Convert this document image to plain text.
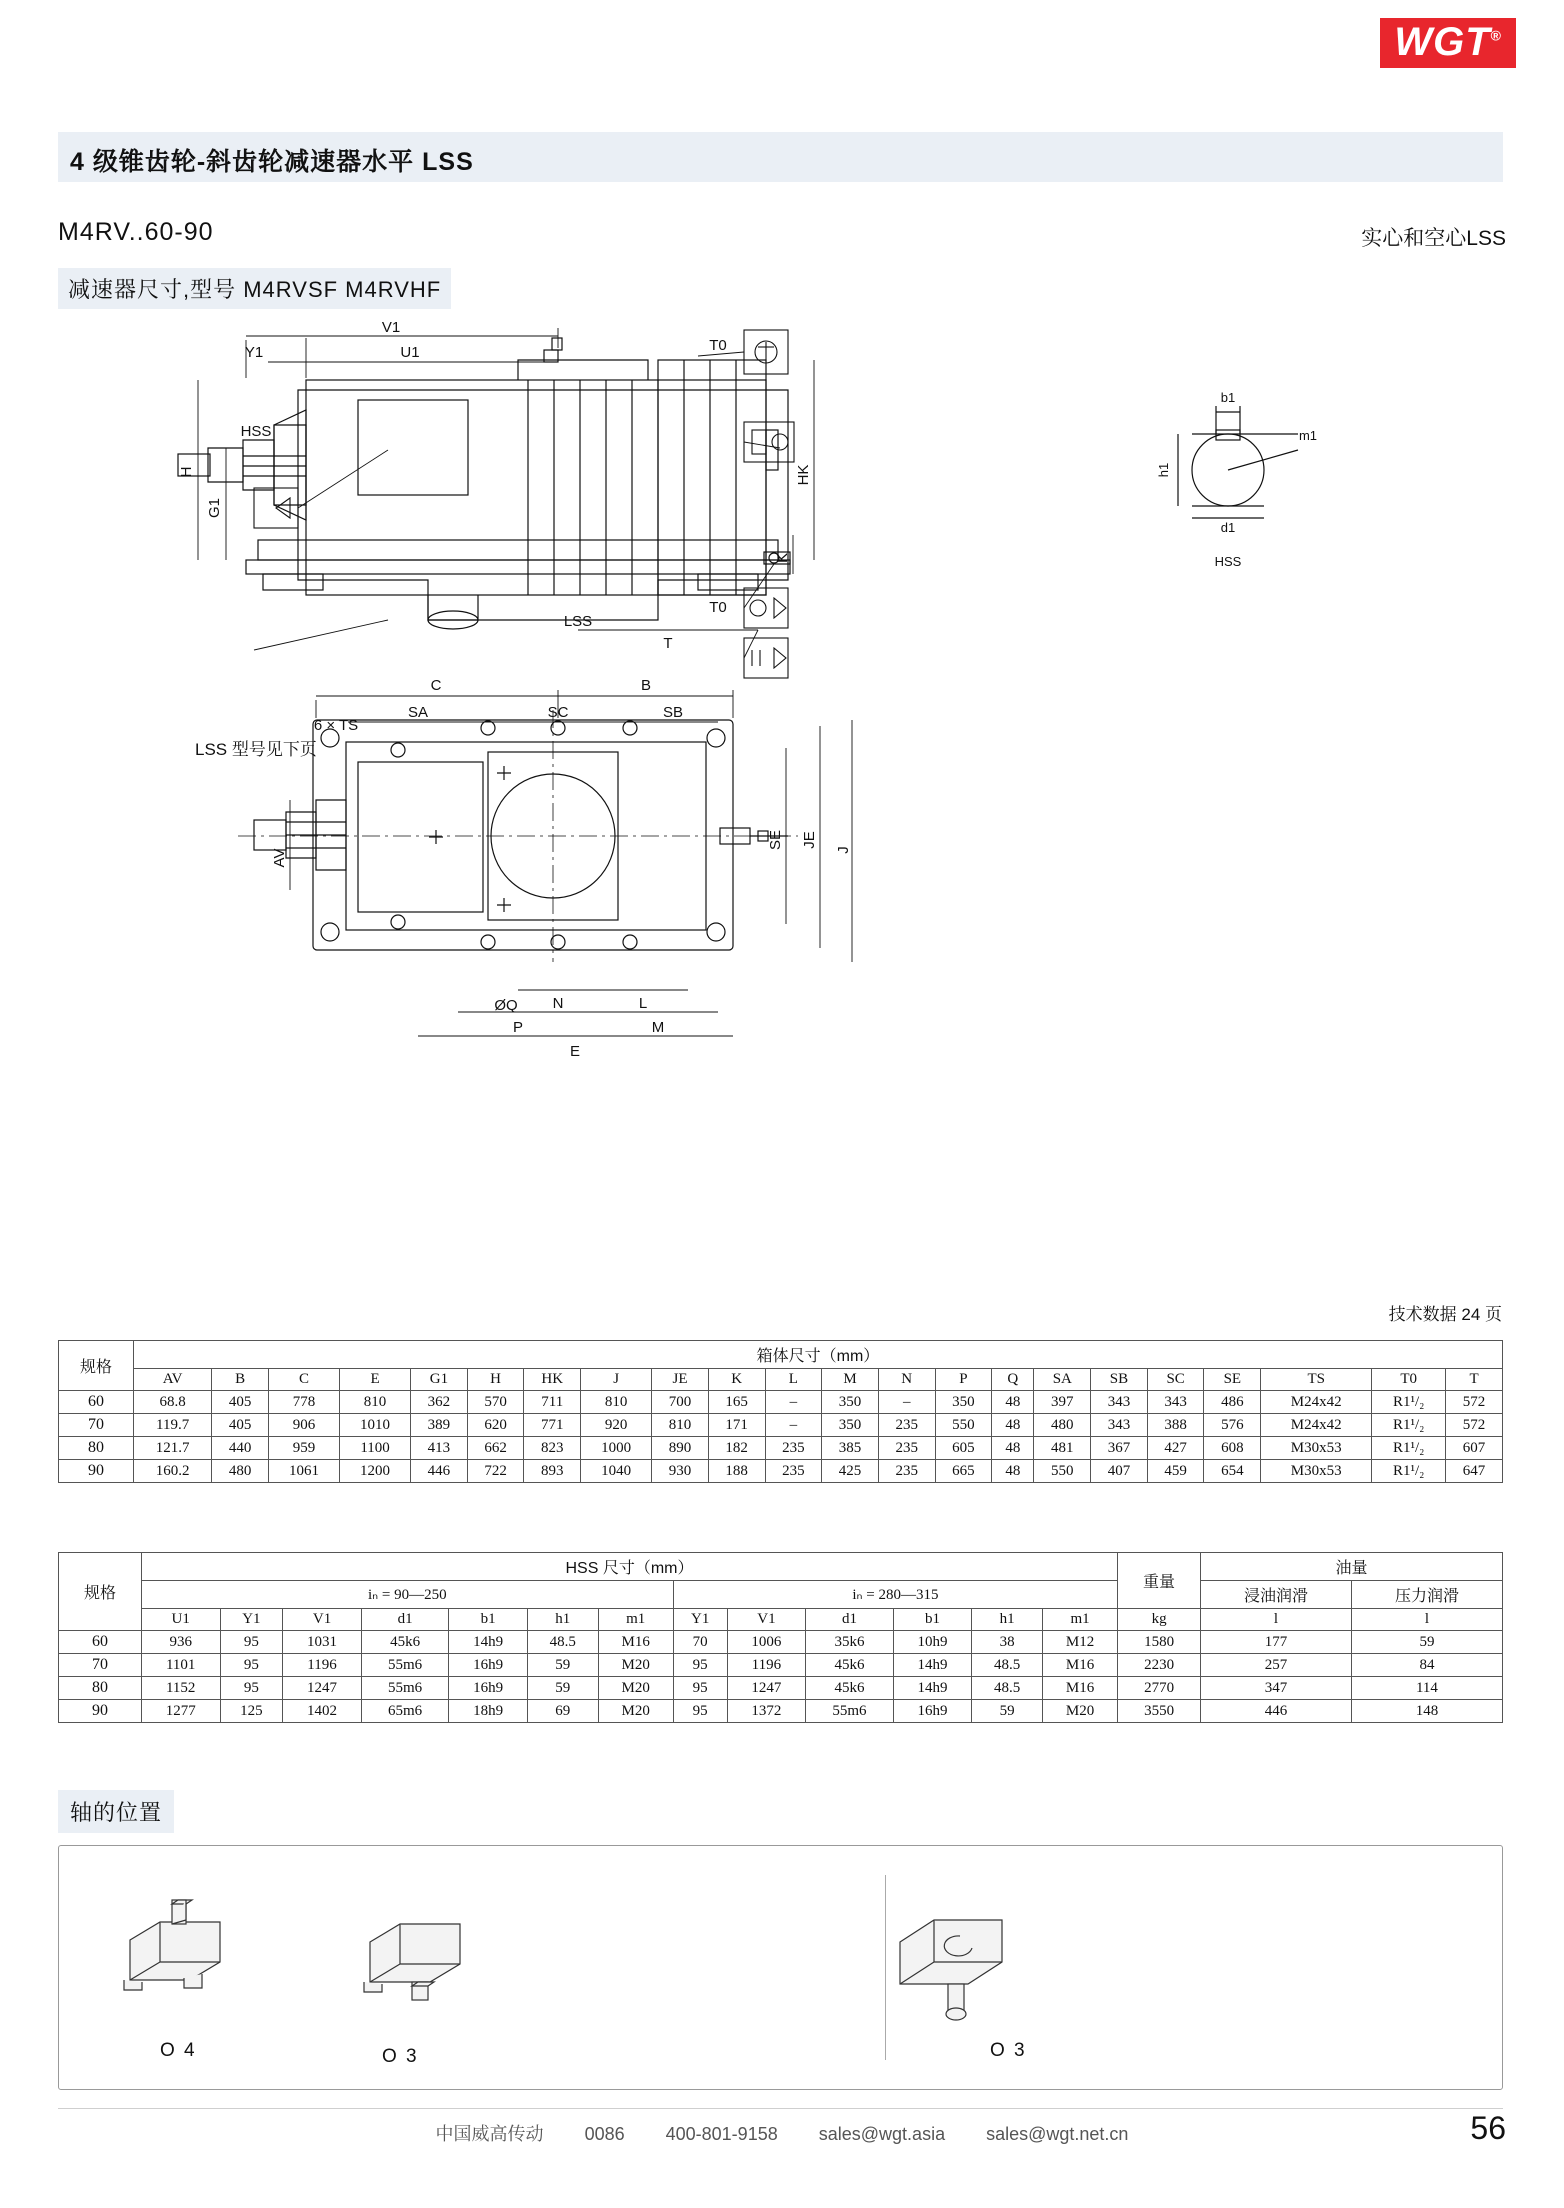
WGT®
4 级锥齿轮-斜齿轮减速器水平 LSS
M4RV..60-90	实心和空心LSS
减速器尺寸,型号 M4RVSF M4RVHF
V1
U1
Y1
H
G1
HK
K
T
LSS
HSS
T0
T0
b1
m1
h1
d1
HSS
C	B
SA	SC	SB
6 × TS
SE JE
J
AV
ØQ N	L
P	M
E
LSS 型号见下页
技术数据 24 页
规格	箱体尺寸（mm）																					
	AV	B	C	E	G1	H	HK	J	JE	K	L	M	N	P	Q	SA	SB	SC	SE	TS	T0	T
60	68.8	405	778	810	362	570	711	810	700	165	–	350	–	350	48	397	343	343	486	M24x42	R1¹/₂	572
70	119.7	405	906	1010	389	620	771	920	810	171	–	350	235	550	48	480	343	388	576	M24x42	R1¹/₂	572
80	121.7	440	959	1100	413	662	823	1000	890	182	235	385	235	605	48	481	367	427	608	M30x53	R1¹/₂	607
90	160.2	480	1061	1200	446	722	893	1040	930	188	235	425	235	665	48	550	407	459	654	M30x53	R1¹/₂	647
规格	HSS 尺寸（mm）													重量	油量	
	iₙ = 90—250							iₙ = 280—315							浸油润滑	压力润滑
	U1	Y1	V1	d1	b1	h1	m1	Y1	V1	d1	b1	h1	m1	kg	l	l
60	936	95	1031	45k6	14h9	48.5	M16	70	1006	35k6	10h9	38	M12	1580	177	59
70	1101	95	1196	55m6	16h9	59	M20	95	1196	45k6	14h9	48.5	M16	2230	257	84
80	1152	95	1247	55m6	16h9	59	M20	95	1247	45k6	14h9	48.5	M16	2770	347	114
90	1277	125	1402	65m6	18h9	69	M20	95	1372	55m6	16h9	59	M20	3550	446	148
轴的位置
O 4	O 3	O 3
中国威高传动 0086 400-801-9158 sales@wgt.asia sales@wgt.net.cn	56
